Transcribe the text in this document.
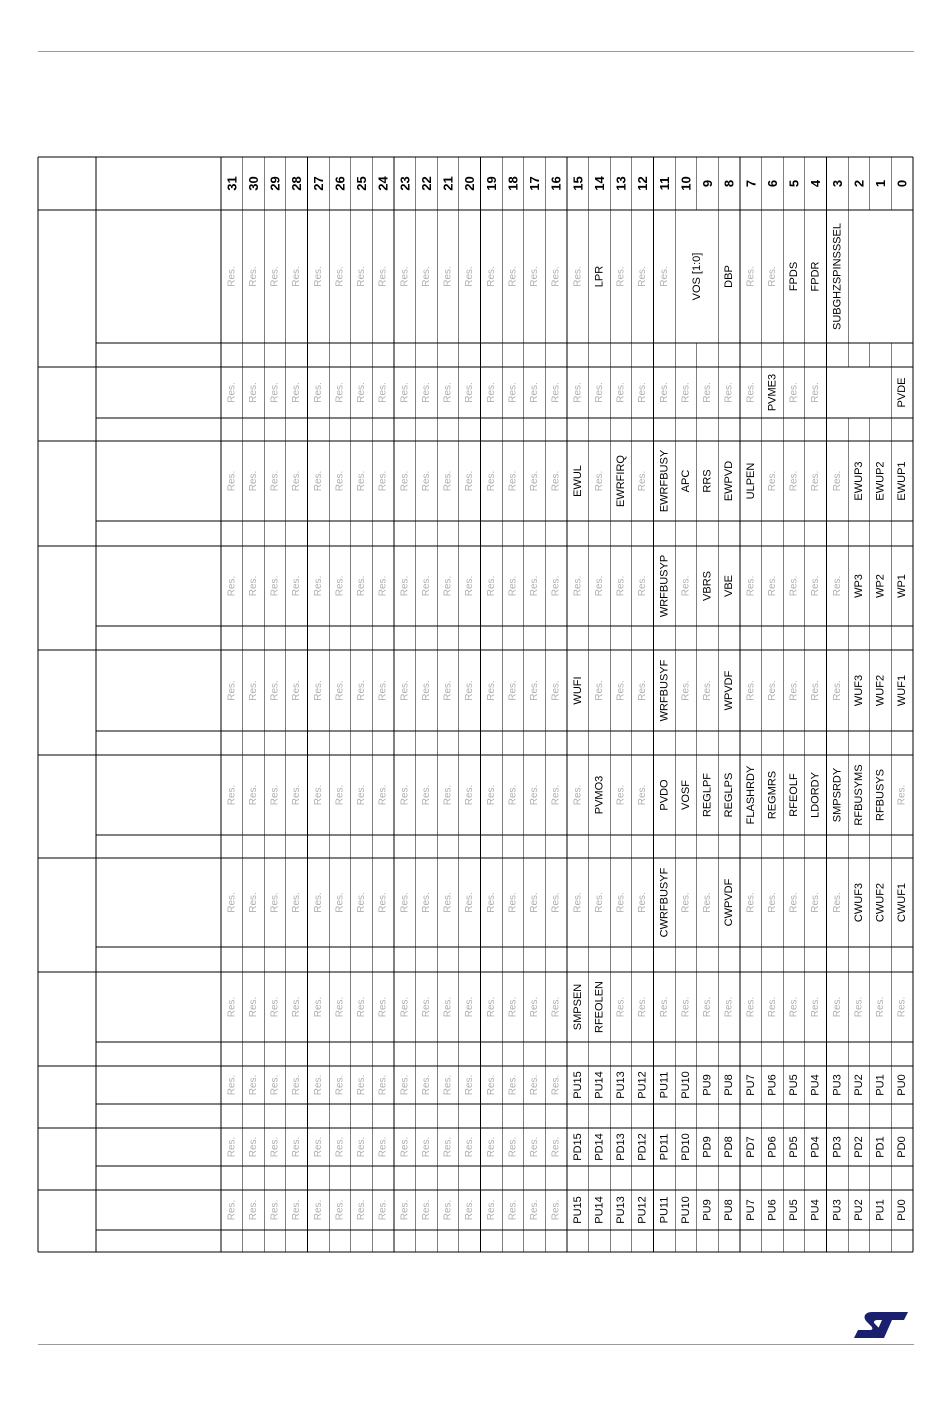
31 30 29 28 27 26 25 24 23 22 21 20 19 18 17 16 15 14 13 12 11 10 9 8 7 6 5 4 3 2 1 0
Res. Res. Res. Res. Res. Res. Res. Res. Res. Res. Res. Res. Res. Res. Res. Res. Res. LPR Res. Res. Res. VOS [1:0] DBP Res. Res. FPDS FPDR SUBGHZSPINSSSEL
Res. Res. Res. Res. Res. Res. Res. Res. Res. Res. Res. Res. Res. Res. Res. Res. Res. Res. Res. Res. Res. Res. Res. Res. Res. PVME3 Res. Res.	PVDE
Res. Res. Res. Res. Res. Res. Res. Res. Res. Res. Res. Res. Res. Res. Res. Res. EWUL Res. EWRFIRQ Res. EWRFBUSY APC RRS EWPVD ULPEN Res. Res. Res. Res. EWUP3 EWUP2 EWUP1
Res. Res. Res. Res. Res. Res. Res. Res. Res. Res. Res. Res. Res. Res. Res. Res. Res. Res. Res. Res. WRFBUSYP Res. VBRS VBE Res. Res. Res. Res. Res. WP3 WP2 WP1
Res. Res. Res. Res. Res. Res. Res. Res. Res. Res. Res. Res. Res. Res. Res. Res. WUFI Res. Res. Res. WRFBUSYF Res. Res. WPVDF Res. Res. Res. Res. Res. WUF3 WUF2 WUF1
Res. Res. Res. Res. Res. Res. Res. Res. Res. Res. Res. Res. Res. Res. Res. Res. Res. PVMO3 Res. Res. PVDO VOSF REGLPF REGLPS FLASHRDY REGMRS RFEOLF LDORDY SMPSRDY RFBUSYMS RFBUSYS Res.
Res. Res. Res. Res. Res. Res. Res. Res. Res. Res. Res. Res. Res. Res. Res. Res. Res. Res. Res. Res. CWRFBUSYF Res. Res. CWPVDF Res. Res. Res. Res. Res. CWUF3 CWUF2 CWUF1
Res. Res. Res. Res. Res. Res. Res. Res. Res. Res. Res. Res. Res. Res. Res. Res. SMPSEN RFEOLEN Res. Res. Res. Res. Res. Res. Res. Res. Res. Res. Res. Res. Res. Res.
Res. Res. Res. Res. Res. Res. Res. Res. Res. Res. Res. Res. Res. Res. Res. Res. PU15 PU14 PU13 PU12 PU11 PU10 PU9 PU8 PU7 PU6 PU5 PU4 PU3 PU2 PU1 PU0
Res. Res. Res. Res. Res. Res. Res. Res. Res. Res. Res. Res. Res. Res. Res. Res. PD15 PD14 PD13 PD12 PD11 PD10 PD9 PD8 PD7 PD6 PD5 PD4 PD3 PD2 PD1 PD0
Res. Res. Res. Res. Res. Res. Res. Res. Res. Res. Res. Res. Res. Res. Res. Res. PU15 PU14 PU13 PU12 PU11 PU10 PU9 PU8 PU7 PU6 PU5 PU4 PU3 PU2 PU1 PU0
